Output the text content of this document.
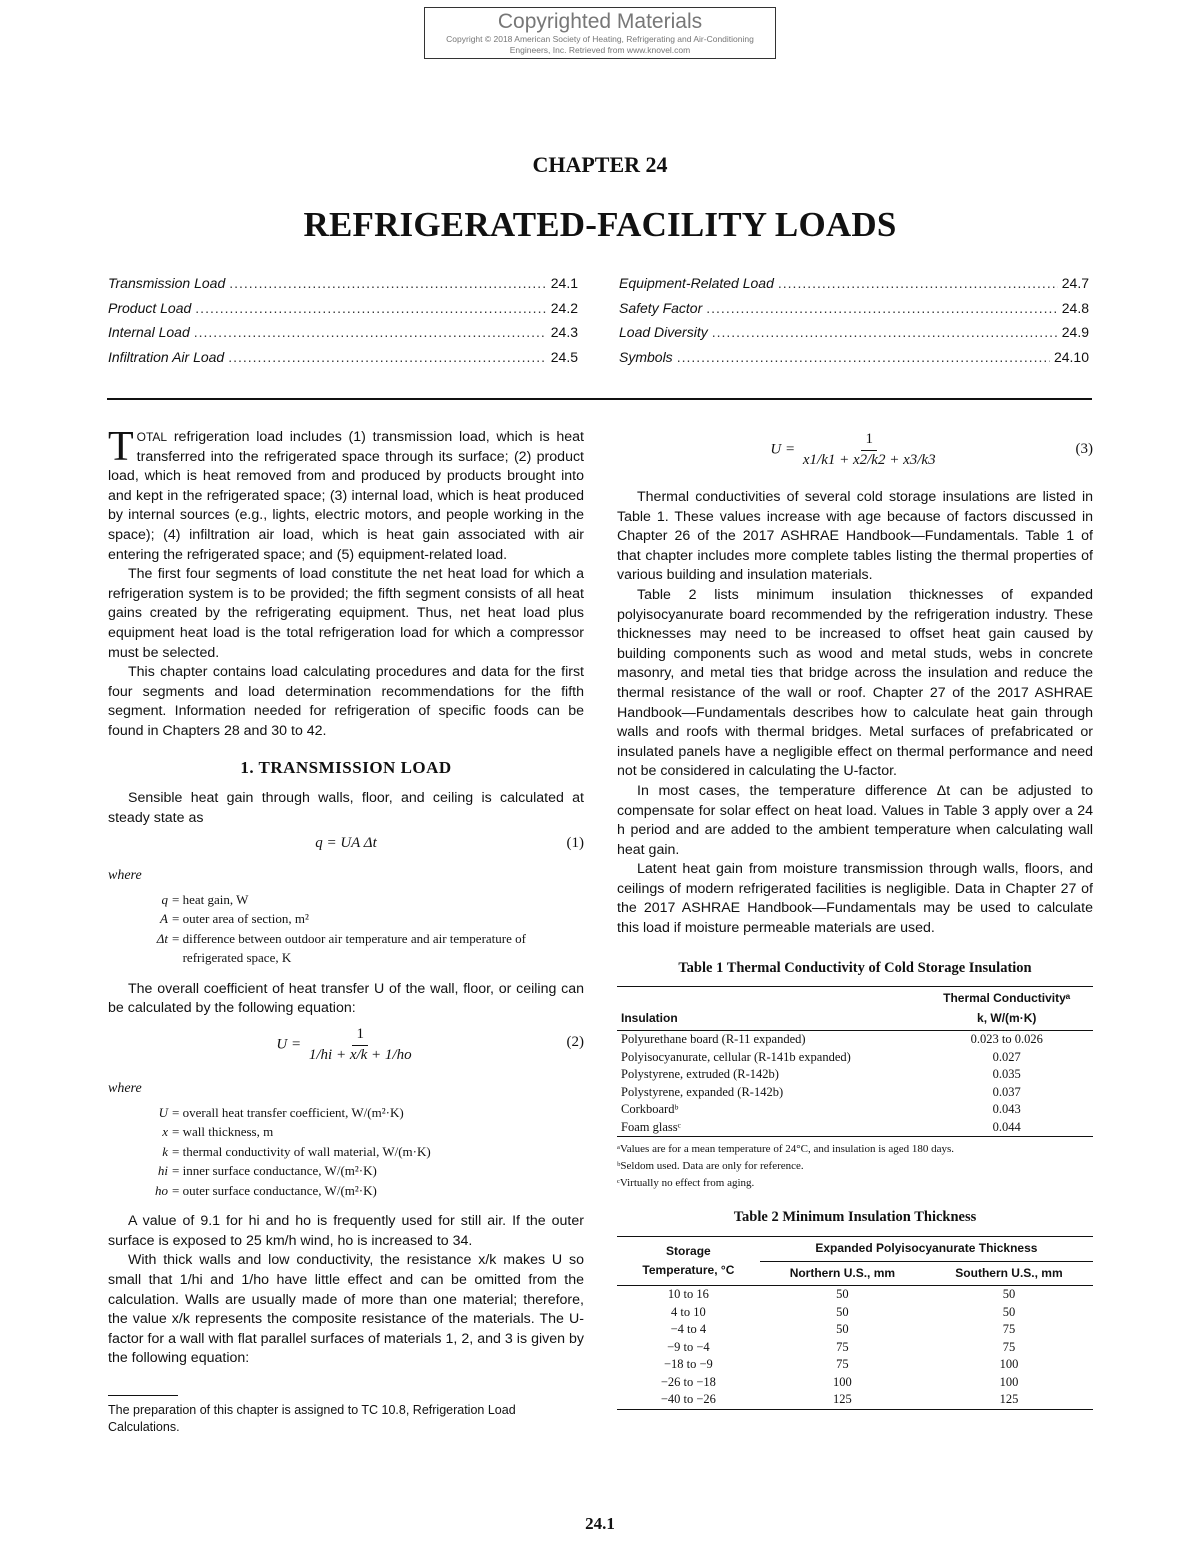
Copyrighted Materials
Copyright © 2018 American Society of Heating, Refrigerating and Air-Conditioning Engineers, Inc. Retrieved from www.knovel.com
CHAPTER 24
REFRIGERATED-FACILITY LOADS
Transmission Load .....	24.1
Product Load .....	24.2
Internal Load .....	24.3
Infiltration Air Load .....	24.5
Equipment-Related Load .....	24.7
Safety Factor .....	24.8
Load Diversity .....	24.9
Symbols .....	24.10

TOTAL refrigeration load includes (1) transmission load, which is heat transferred into the refrigerated space through its surface; (2) product load, which is heat removed from and produced by products brought into and kept in the refrigerated space; (3) internal load, which is heat produced by internal sources (e.g., lights, electric motors, and people working in the space); (4) infiltration air load, which is heat gain associated with air entering the refrigerated space; and (5) equipment-related load.

The first four segments of load constitute the net heat load for which a refrigeration system is to be provided; the fifth segment consists of all heat gains created by the refrigerating equipment. Thus, net heat load plus equipment heat load is the total refrigeration load for which a compressor must be selected.

This chapter contains load calculating procedures and data for the first four segments and load determination recommendations for the fifth segment. Information needed for refrigeration of specific foods can be found in Chapters 28 and 30 to 42.

1. TRANSMISSION LOAD

Sensible heat gain through walls, floor, and ceiling is calculated at steady state as

q = UA Δt	(1)
where
q = heat gain, W
A = outer area of section, m²
Δt = difference between outdoor air temperature and air temperature of refrigerated space, K

The overall coefficient of heat transfer U of the wall, floor, or ceiling can be calculated by the following equation:

$U = \frac{1}{1/hi + x/k + 1/ho}$	(2)
where
U = overall heat transfer coefficient, W/(m²·K)
x = wall thickness, m
k = thermal conductivity of wall material, W/(m·K)
hi = inner surface conductance, W/(m²·K)
ho = outer surface conductance, W/(m²·K)

A value of 9.1 for hi and ho is frequently used for still air. If the outer surface is exposed to 25 km/h wind, ho is increased to 34.

With thick walls and low conductivity, the resistance x/k makes U so small that 1/hi and 1/ho have little effect and can be omitted from the calculation. Walls are usually made of more than one material; therefore, the value x/k represents the composite resistance of the materials. The U-factor for a wall with flat parallel surfaces of materials 1, 2, and 3 is given by the following equation:

The preparation of this chapter is assigned to TC 10.8, Refrigeration Load Calculations.
$U = \frac{1}{x1/k1 + x2/k2 + x3/k3}$	(3)

Thermal conductivities of several cold storage insulations are listed in Table 1. These values increase with age because of factors discussed in Chapter 26 of the 2017 ASHRAE Handbook—Fundamentals. Table 1 of that chapter includes more complete tables listing the thermal properties of various building and insulation materials.

Table 2 lists minimum insulation thicknesses of expanded polyisocyanurate board recommended by the refrigeration industry. These thicknesses may need to be increased to offset heat gain caused by building components such as wood and metal studs, webs in concrete masonry, and metal ties that bridge across the insulation and reduce the thermal resistance of the wall or roof. Chapter 27 of the 2017 ASHRAE Handbook—Fundamentals describes how to calculate heat gain through walls and roofs with thermal bridges. Metal surfaces of prefabricated or insulated panels have a negligible effect on thermal performance and need not be considered in calculating the U-factor.

In most cases, the temperature difference Δt can be adjusted to compensate for solar effect on heat load. Values in Table 3 apply over a 24 h period and are added to the ambient temperature when calculating wall heat gain.

Latent heat gain from moisture transmission through walls, floors, and ceilings of modern refrigerated facilities is negligible. Data in Chapter 27 of the 2017 ASHRAE Handbook—Fundamentals may be used to calculate this load if moisture permeable materials are used.

Table 1 Thermal Conductivity of Cold Storage Insulation
Insulation	Thermal Conductivityᵃ
k, W/(m·K)
Polyurethane board (R-11 expanded)	0.023 to 0.026
Polyisocyanurate, cellular (R-141b expanded)	0.027
Polystyrene, extruded (R-142b)	0.035
Polystyrene, expanded (R-142b)	0.037
Corkboardᵇ	0.043
Foam glassᶜ	0.044
ᵃValues are for a mean temperature of 24°C, and insulation is aged 180 days.
ᵇSeldom used. Data are only for reference.
ᶜVirtually no effect from aging.
Table 2 Minimum Insulation Thickness
Storage
Temperature, °C	Expanded Polyisocyanurate Thickness	
	Northern U.S., mm	Southern U.S., mm
10 to 16	50	50
4 to 10	50	50
−4 to 4	50	75
−9 to −4	75	75
−18 to −9	75	100
−26 to −18	100	100
−40 to −26	125	125
24.1
